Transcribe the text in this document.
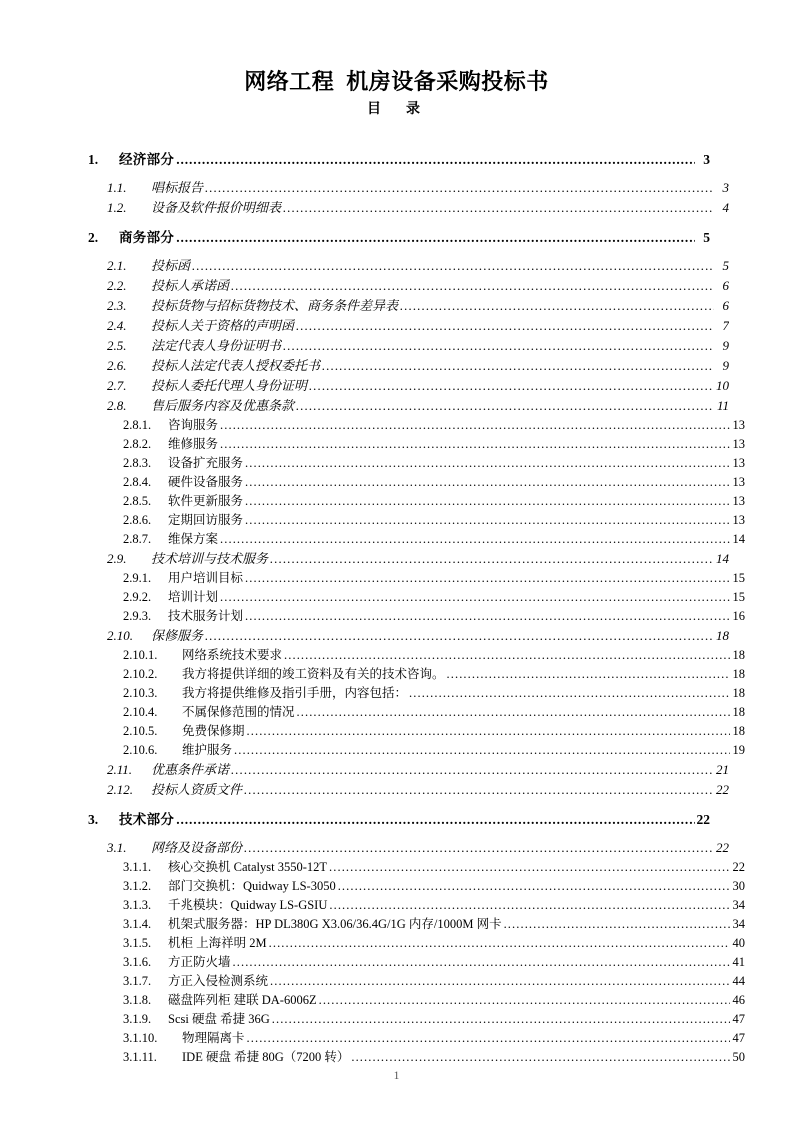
网络工程  机房设备采购投标书
目  录
1.	经济部分 .....	3
1.1.	唱标报告 .....	3
1.2.	设备及软件报价明细表 .....	4
2.	商务部分 .....	5
2.1.	投标函 .....	5
2.2.	投标人承诺函 .....	6
2.3.	投标货物与招标货物技术、商务条件差异表 .....	6
2.4.	投标人关于资格的声明函 .....	7
2.5.	法定代表人身份证明书 .....	9
2.6.	投标人法定代表人授权委托书 .....	9
2.7.	投标人委托代理人身份证明 .....	10
2.8.	售后服务内容及优惠条款 .....	11
2.8.1.	咨询服务 .....	13
2.8.2.	维修服务 .....	13
2.8.3.	设备扩充服务 .....	13
2.8.4.	硬件设备服务 .....	13
2.8.5.	软件更新服务 .....	13
2.8.6.	定期回访服务 .....	13
2.8.7.	维保方案 .....	14
2.9.	技术培训与技术服务 .....	14
2.9.1.	用户培训目标 .....	15
2.9.2.	培训计划 .....	15
2.9.3.	技术服务计划 .....	16
2.10.	保修服务 .....	18
2.10.1.	网络系统技术要求 .....	18
2.10.2.	我方将提供详细的竣工资料及有关的技术咨询。 .....	18
2.10.3.	我方将提供维修及指引手册，内容包括： .....	18
2.10.4.	不属保修范围的情况 .....	18
2.10.5.	免费保修期 .....	18
2.10.6.	维护服务 .....	19
2.11.	优惠条件承诺 .....	21
2.12.	投标人资质文件 .....	22
3.	技术部分 .....	22
3.1.	网络及设备部份 .....	22
3.1.1.	核心交换机 Catalyst 3550-12T .....	22
3.1.2.	部门交换机：Quidway LS-3050 .....	30
3.1.3.	千兆模块：Quidway LS-GSIU .....	34
3.1.4.	机架式服务器：HP DL380G X3.06/36.4G/1G 内存/1000M 网卡 .....	34
3.1.5.	机柜 上海祥明 2M .....	40
3.1.6.	方正防火墙 .....	41
3.1.7.	方正入侵检测系统 .....	44
3.1.8.	磁盘阵列柜 建联 DA-6006Z .....	46
3.1.9.	Scsi 硬盘 希捷 36G .....	47
3.1.10.	物理隔离卡 .....	47
3.1.11.	IDE 硬盘 希捷 80G（7200 转） .....	50
1
